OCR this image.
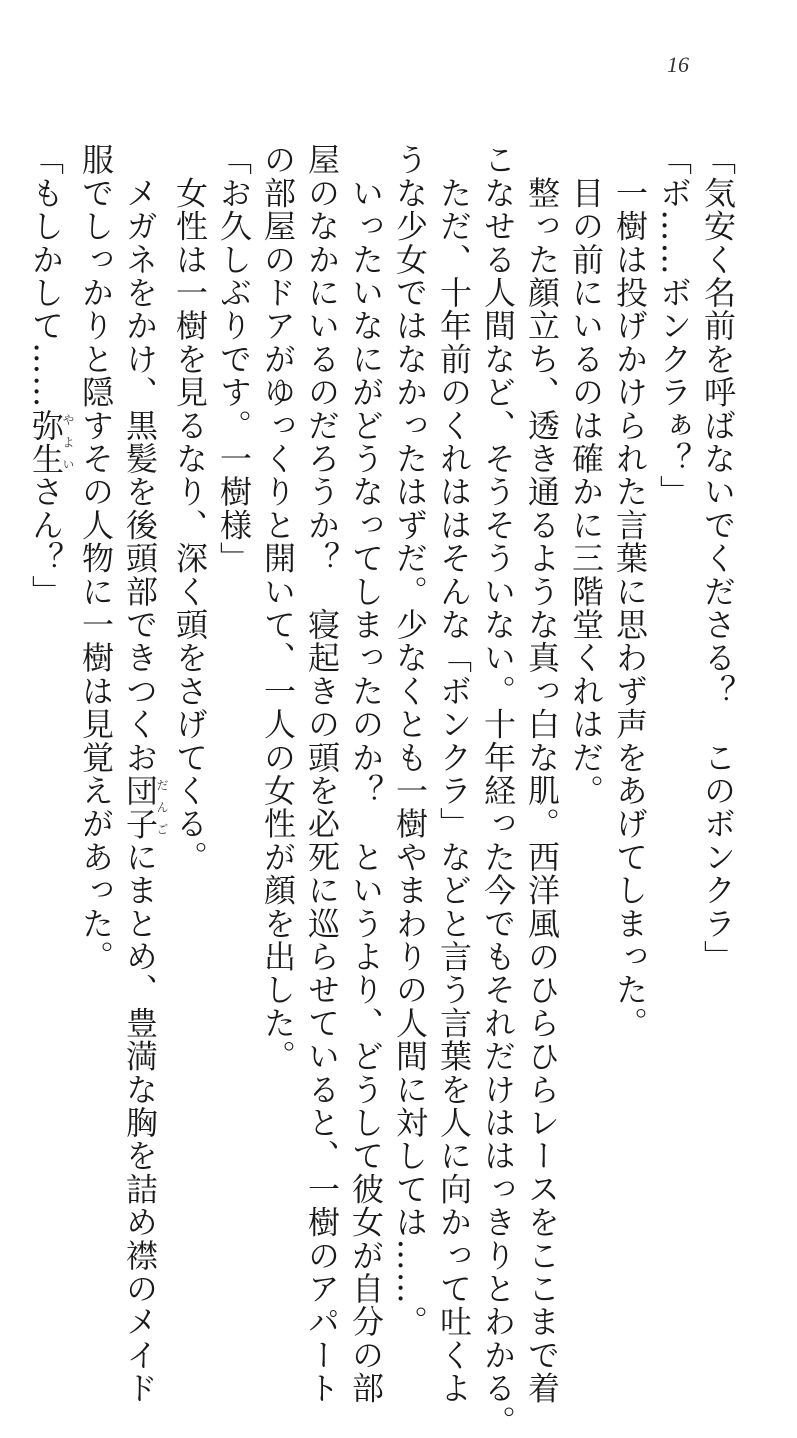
16

「気安く名前を呼ばないでくださる？　このボンクラ」

「ボ……ボンクラぁ？」

　一樹は投げかけられた言葉に思わず声をあげてしまった。

　目の前にいるのは確かに三階堂くれはだ。

　整った顔立ち、透き通るような真っ白な肌。西洋風のひらひらレースをここまで着

こなせる人間など、そうそういない。十年経った今でもそれだけははっきりとわかる。

　ただ、十年前のくれははそんな「ボンクラ」などと言う言葉を人に向かって吐くよ

うな少女ではなかったはずだ。少なくとも一樹やまわりの人間に対しては……。

　いったいなにがどうなってしまったのか？　というより、どうして彼女が自分の部

屋のなかにいるのだろうか？　寝起きの頭を必死に巡らせていると、一樹のアパート

の部屋のドアがゆっくりと開いて、一人の女性が顔を出した。

「お久しぶりです。一樹様」

　女性は一樹を見るなり、深く頭をさげてくる。

　メガネをかけ、黒髪を後頭部できつくお団子だんごにまとめ、豊満な胸を詰め襟のメイド

服でしっかりと隠すその人物に一樹は見覚えがあった。

「もしかして……弥生やよいさん？」
